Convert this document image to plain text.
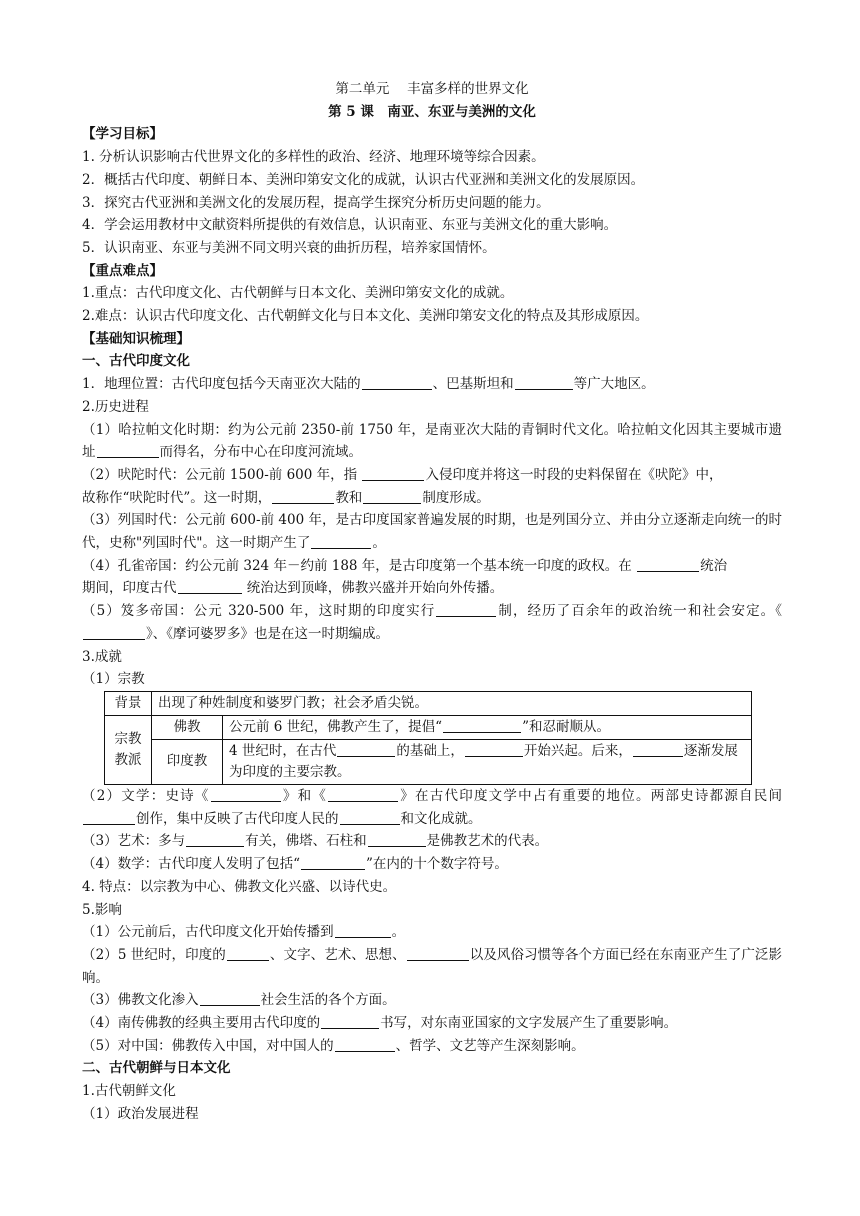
第二单元　 丰富多样的世界文化
第 5 课　南亚、东亚与美洲的文化
【学习目标】
1. 分析认识影响古代世界文化的多样性的政治、经济、地理环境等综合因素。
2．概括古代印度、朝鲜日本、美洲印第安文化的成就，认识古代亚洲和美洲文化的发展原因。
3．探究古代亚洲和美洲文化的发展历程，提高学生探究分析历史问题的能力。
4．学会运用教材中文献资料所提供的有效信息，认识南亚、东亚与美洲文化的重大影响。
5．认识南亚、东亚与美洲不同文明兴衰的曲折历程，培养家国情怀。
【重点难点】
1.重点：古代印度文化、古代朝鲜与日本文化、美洲印第安文化的成就。
2.难点：认识古代印度文化、古代朝鲜文化与日本文化、美洲印第安文化的特点及其形成原因。
【基础知识梳理】
一、古代印度文化
1．地理位置：古代印度包括今天南亚次大陆的	、巴基斯坦和	等广大地区。
2.历史进程
（1）哈拉帕文化时期：约为公元前 2350-前 1750 年，是南亚次大陆的青铜时代文化。哈拉帕文化因其主要城市遗址	而得名，分布中心在印度河流域。
（2）吠陀时代：公元前 1500-前 600 年，指	入侵印度并将这一时段的史料保留在《吠陀》中，
故称作“吠陀时代”。这一时期，	教和	制度形成。
（3）列国时代：公元前 600-前 400 年，是古印度国家普遍发展的时期，也是列国分立、并由分立逐渐走向统一的时代，史称"列国时代"。这一时期产生了	。
（4）孔雀帝国：约公元前 324 年－约前 188 年，是古印度第一个基本统一印度的政权。在	统治
期间，印度古代	统治达到顶峰，佛教兴盛并开始向外传播。
（5）笈多帝国：公元 320-500 年，这时期的印度实行	制，经历了百余年的政治统一和社会安定。《》、《摩诃婆罗多》也是在这一时期编成。
3.成就
（1）宗教
背景	出现了种姓制度和婆罗门教；社会矛盾尖锐。	
宗教教派	佛教	公元前 6 世纪，佛教产生了，提倡“ ”和忍耐顺从。
	印度教	4 世纪时，在古代 的基础上， 开始兴起。后来， 逐渐发展为印度的主要宗教。
（2）文学：史诗《	》和《	》在古代印度文学中占有重要的地位。两部史诗都源自民间创作，集中反映了古代印度人民的	和文化成就。
（3）艺术：多与	有关，佛塔、石柱和	是佛教艺术的代表。
（4）数学：古代印度人发明了包括“	”在内的十个数字符号。
4. 特点：以宗教为中心、佛教文化兴盛、以诗代史。
5.影响
（1）公元前后，古代印度文化开始传播到	。
（2）5 世纪时，印度的	、文字、艺术、思想、	以及风俗习惯等各个方面已经在东南亚产生了广泛影响。
（3）佛教文化渗入	社会生活的各个方面。
（4）南传佛教的经典主要用古代印度的	书写，对东南亚国家的文字发展产生了重要影响。
（5）对中国：佛教传入中国，对中国人的	、哲学、文艺等产生深刻影响。
二、古代朝鲜与日本文化
1.古代朝鲜文化
（1）政治发展进程
